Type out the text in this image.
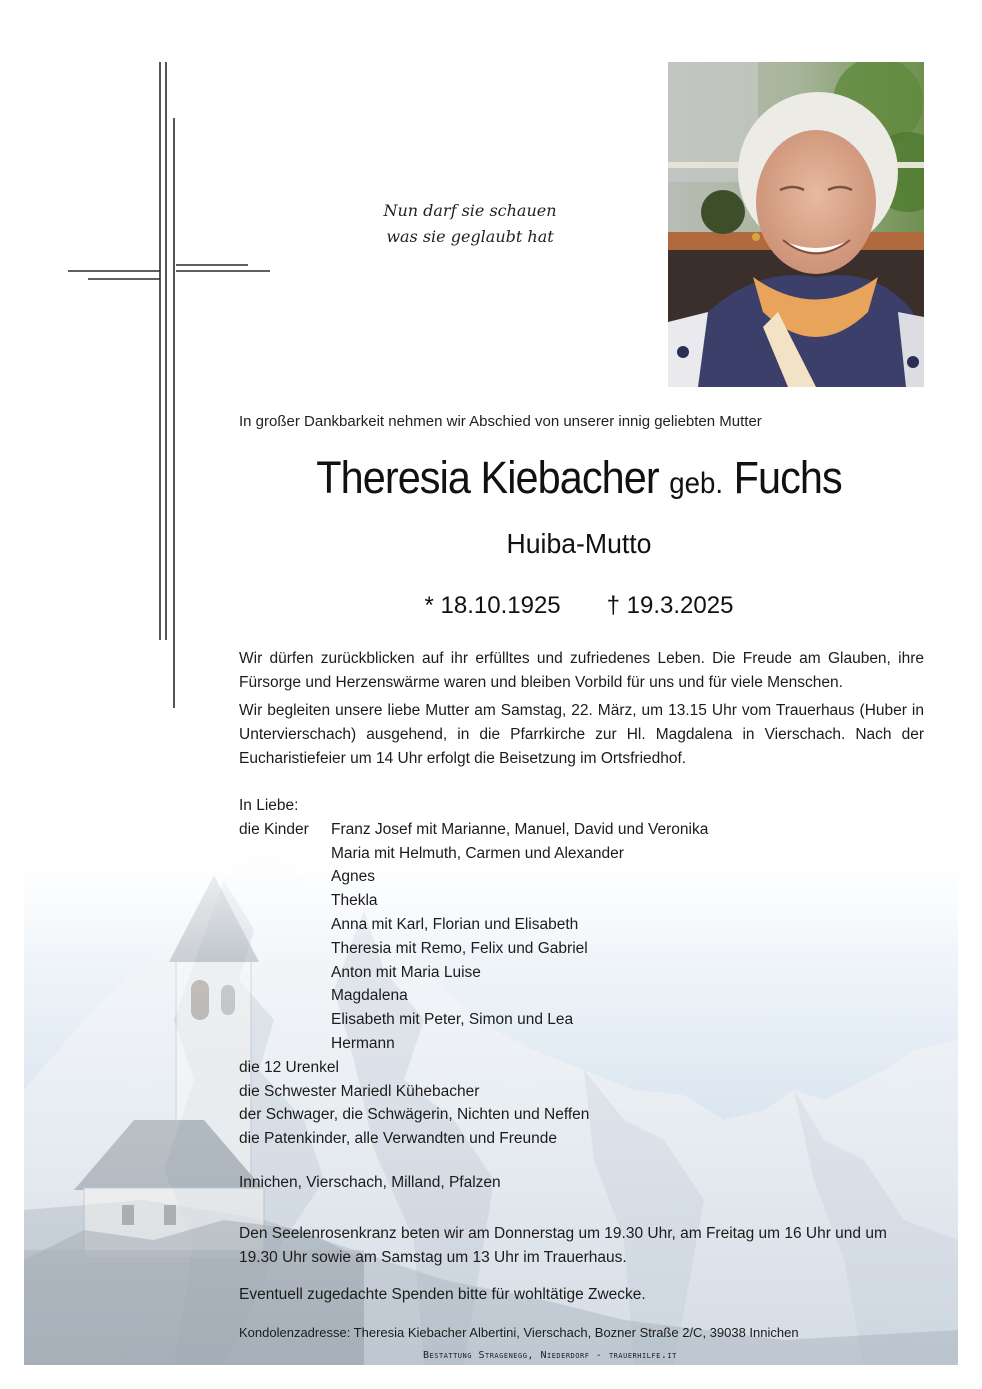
Nun darf sie schauen
was sie geglaubt hat
In großer Dankbarkeit nehmen wir Abschied von unserer innig geliebten Mutter
Theresia Kiebacher geb. Fuchs
Huiba-Mutto
* 18.10.1925 † 19.3.2025
Wir dürfen zurückblicken auf ihr erfülltes und zufriedenes Leben. Die Freude am Glauben, ihre Fürsorge und Herzenswärme waren und bleiben Vorbild für uns und für viele Menschen.
Wir begleiten unsere liebe Mutter am Samstag, 22. März, um 13.15 Uhr vom Trauerhaus (Huber in Untervierschach) ausgehend, in die Pfarrkirche zur Hl. Magdalena in Vierschach. Nach der Eucharistiefeier um 14 Uhr erfolgt die Beisetzung im Ortsfriedhof.
In Liebe:
die Kinder Franz Josef mit Marianne, Manuel, David und Veronika
Maria mit Helmuth, Carmen und Alexander
Agnes
Thekla
Anna mit Karl, Florian und Elisabeth
Theresia mit Remo, Felix und Gabriel
Anton mit Maria Luise
Magdalena
Elisabeth mit Peter, Simon und Lea
Hermann
die 12 Urenkel
die Schwester Mariedl Kühebacher
der Schwager, die Schwägerin, Nichten und Neffen
die Patenkinder, alle Verwandten und Freunde
Innichen, Vierschach, Milland, Pfalzen
Den Seelenrosenkranz beten wir am Donnerstag um 19.30 Uhr, am Freitag um 16 Uhr und um 19.30 Uhr sowie am Samstag um 13 Uhr im Trauerhaus.
Eventuell zugedachte Spenden bitte für wohltätige Zwecke.
Kondolenzadresse: Theresia Kiebacher Albertini, Vierschach, Bozner Straße 2/C, 39038 Innichen
Bestattung Stragenegg, Niederdorf - trauerhilfe.it
